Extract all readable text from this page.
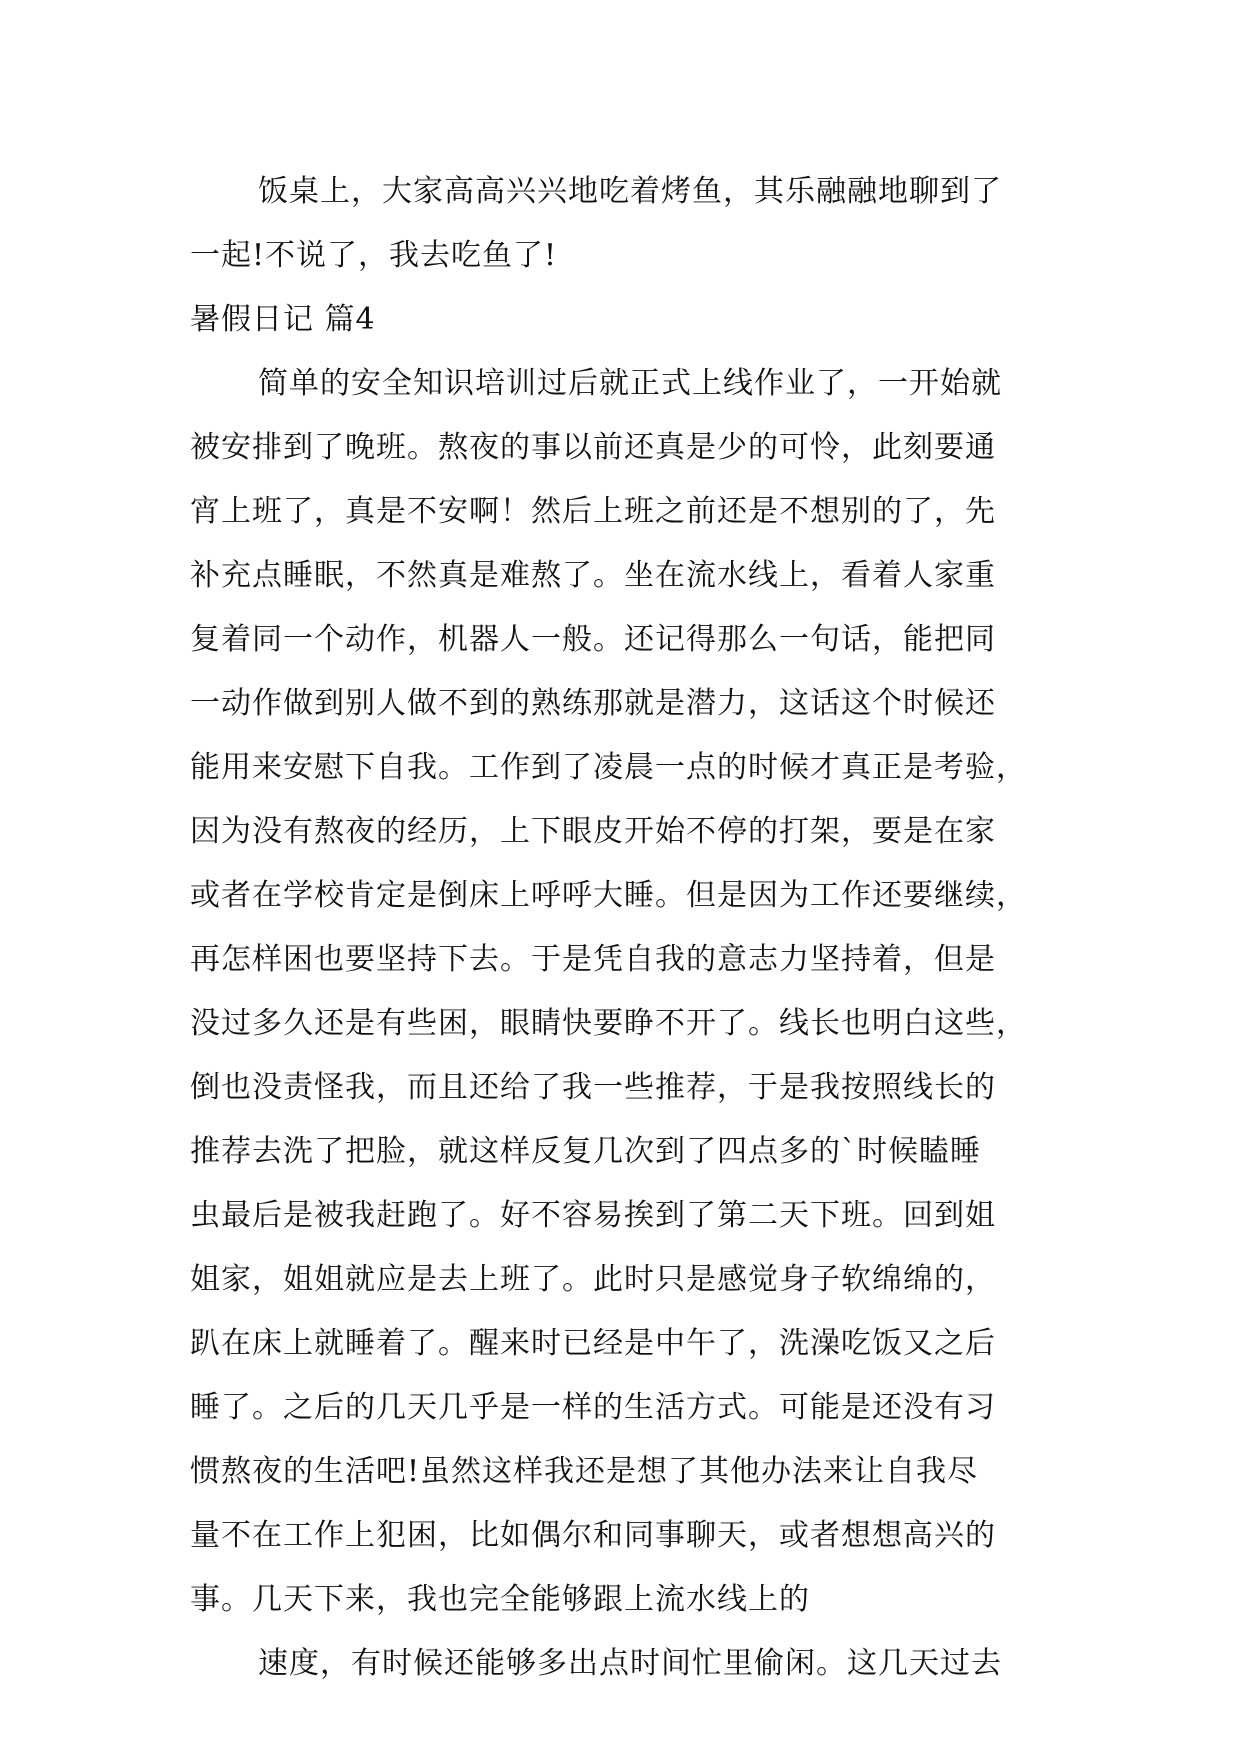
饭桌上，大家高高兴兴地吃着烤鱼，其乐融融地聊到了
一起!不说了，我去吃鱼了!
暑假日记 篇4
简单的安全知识培训过后就正式上线作业了，一开始就
被安排到了晚班。熬夜的事以前还真是少的可怜，此刻要通
宵上班了，真是不安啊！然后上班之前还是不想别的了，先
补充点睡眠，不然真是难熬了。坐在流水线上，看着人家重
复着同一个动作，机器人一般。还记得那么一句话，能把同
一动作做到别人做不到的熟练那就是潜力，这话这个时候还
能用来安慰下自我。工作到了凌晨一点的时候才真正是考验，
因为没有熬夜的经历，上下眼皮开始不停的打架，要是在家
或者在学校肯定是倒床上呼呼大睡。但是因为工作还要继续，
再怎样困也要坚持下去。于是凭自我的意志力坚持着，但是
没过多久还是有些困，眼睛快要睁不开了。线长也明白这些，
倒也没责怪我，而且还给了我一些推荐，于是我按照线长的
推荐去洗了把脸，就这样反复几次到了四点多的`时候瞌睡
虫最后是被我赶跑了。好不容易挨到了第二天下班。回到姐
姐家，姐姐就应是去上班了。此时只是感觉身子软绵绵的，
趴在床上就睡着了。醒来时已经是中午了，洗澡吃饭又之后
睡了。之后的几天几乎是一样的生活方式。可能是还没有习
惯熬夜的生活吧!虽然这样我还是想了其他办法来让自我尽
量不在工作上犯困，比如偶尔和同事聊天，或者想想高兴的
事。几天下来，我也完全能够跟上流水线上的
速度，有时候还能够多出点时间忙里偷闲。这几天过去
